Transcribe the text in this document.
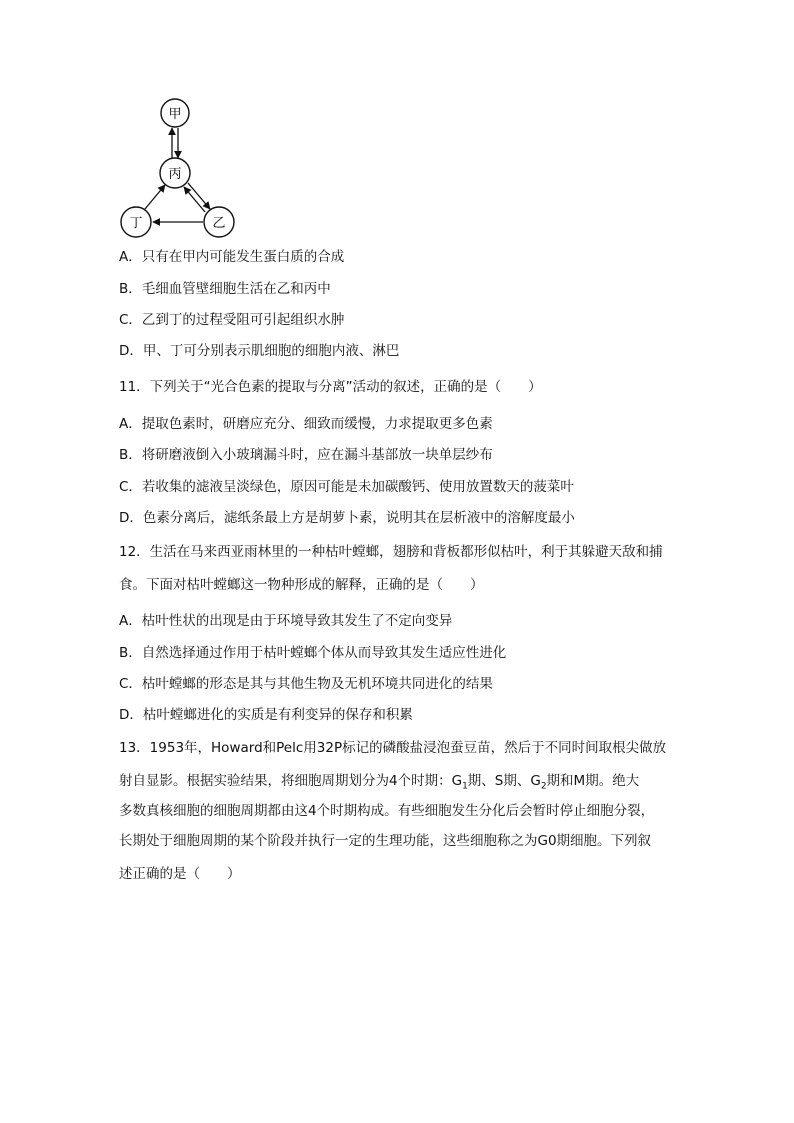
甲
丙
丁	乙
A．只有在甲内可能发生蛋白质的合成
B．毛细血管壁细胞生活在乙和丙中
C．乙到丁的过程受阻可引起组织水肿
D．甲、丁可分别表示肌细胞的细胞内液、淋巴
11．下列关于“光合色素的提取与分离”活动的叙述，正确的是（　　）
A．提取色素时，研磨应充分、细致而缓慢，力求提取更多色素
B．将研磨液倒入小玻璃漏斗时，应在漏斗基部放一块单层纱布
C．若收集的滤液呈淡绿色，原因可能是未加碳酸钙、使用放置数天的菠菜叶
D．色素分离后，滤纸条最上方是胡萝卜素，说明其在层析液中的溶解度最小
12．生活在马来西亚雨林里的一种枯叶螳螂，翅膀和背板都形似枯叶，利于其躲避天敌和捕
食。下面对枯叶螳螂这一物种形成的解释，正确的是（　　）
A．枯叶性状的出现是由于环境导致其发生了不定向变异
B．自然选择通过作用于枯叶螳螂个体从而导致其发生适应性进化
C．枯叶螳螂的形态是其与其他生物及无机环境共同进化的结果
D．枯叶螳螂进化的实质是有利变异的保存和积累
13．1953年，Howard和Pelc用32P标记的磷酸盐浸泡蚕豆苗，然后于不同时间取根尖做放
射自显影。根据实验结果，将细胞周期划分为4个时期：$G_1$期、S期、$G_2$期和M期。绝大
多数真核细胞的细胞周期都由这4个时期构成。有些细胞发生分化后会暂时停止细胞分裂，
长期处于细胞周期的某个阶段并执行一定的生理功能，这些细胞称之为G0期细胞。下列叙
述正确的是（　　）
